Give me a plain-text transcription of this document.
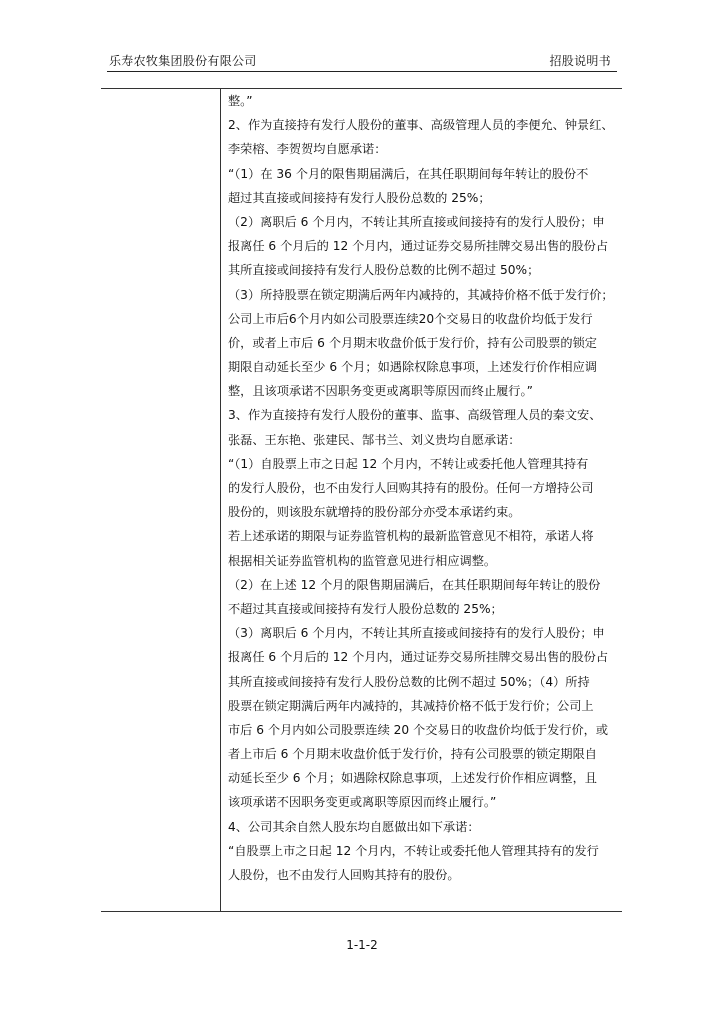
乐寿农牧集团股份有限公司	招股说明书

整。”

2、作为直接持有发行人股份的董事、高级管理人员的李便允、钟景红、

李荣榕、李贺贺均自愿承诺：

“（1）在 36 个月的限售期届满后，在其任职期间每年转让的股份不

超过其直接或间接持有发行人股份总数的 25%；

（2）离职后 6 个月内，不转让其所直接或间接持有的发行人股份；申

报离任 6 个月后的 12 个月内，通过证券交易所挂牌交易出售的股份占

其所直接或间接持有发行人股份总数的比例不超过 50%；

（3）所持股票在锁定期满后两年内减持的，其减持价格不低于发行价；

公司上市后6个月内如公司股票连续20个交易日的收盘价均低于发行

价，或者上市后 6 个月期末收盘价低于发行价，持有公司股票的锁定

期限自动延长至少 6 个月；如遇除权除息事项，上述发行价作相应调

整，且该项承诺不因职务变更或离职等原因而终止履行。”

3、作为直接持有发行人股份的董事、监事、高级管理人员的秦文安、

张磊、王东艳、张建民、郜书兰、刘义贵均自愿承诺：

“（1）自股票上市之日起 12 个月内，不转让或委托他人管理其持有

的发行人股份，也不由发行人回购其持有的股份。任何一方增持公司

股份的，则该股东就增持的股份部分亦受本承诺约束。

若上述承诺的期限与证券监管机构的最新监管意见不相符，承诺人将

根据相关证券监管机构的监管意见进行相应调整。

（2）在上述 12 个月的限售期届满后，在其任职期间每年转让的股份

不超过其直接或间接持有发行人股份总数的 25%；

（3）离职后 6 个月内，不转让其所直接或间接持有的发行人股份；申

报离任 6 个月后的 12 个月内，通过证券交易所挂牌交易出售的股份占

其所直接或间接持有发行人股份总数的比例不超过 50%；（4）所持

股票在锁定期满后两年内减持的，其减持价格不低于发行价；公司上

市后 6 个月内如公司股票连续 20 个交易日的收盘价均低于发行价，或

者上市后 6 个月期末收盘价低于发行价，持有公司股票的锁定期限自

动延长至少 6 个月；如遇除权除息事项，上述发行价作相应调整，且

该项承诺不因职务变更或离职等原因而终止履行。”

4、公司其余自然人股东均自愿做出如下承诺：

“自股票上市之日起 12 个月内，不转让或委托他人管理其持有的发行

人股份，也不由发行人回购其持有的股份。

1-1-2
